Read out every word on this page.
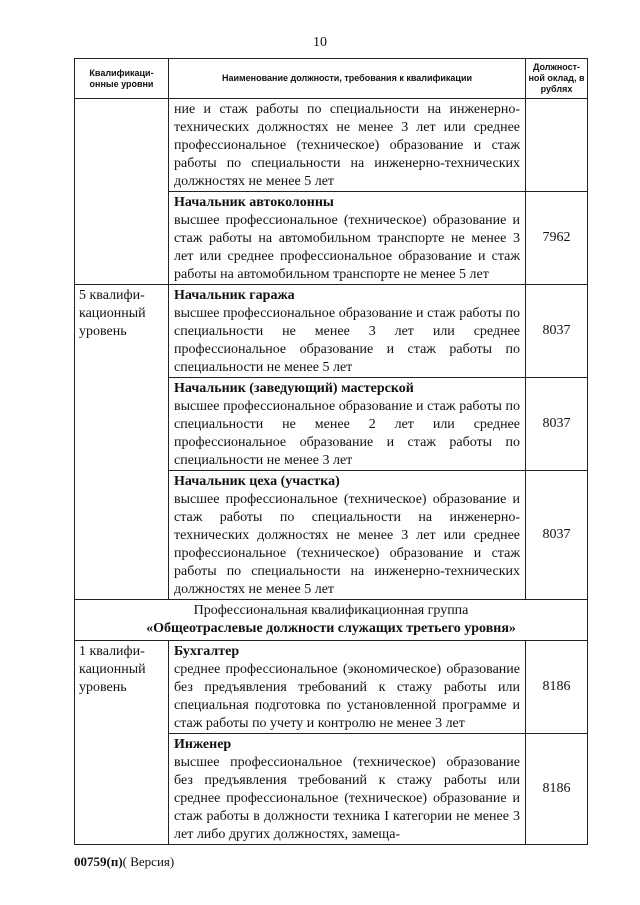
10
Квалификаци-онные уровни	Наименование должности, требования к квалификации	Должност-ной оклад, в рублях

	ние и стаж работы по специальности на инженерно-технических должностях не менее 3 лет или среднее профессиональное (техническое) образование и стаж работы по специальности на инженерно-технических должностях не менее 5 лет	

	Начальник автоколонны
высшее профессиональное (техническое) образование и стаж работы на автомобильном транспорте не менее 3 лет или среднее профессиональное образование и стаж работы на автомобильном транспорте не менее 5 лет	7962
5 квалифи-кационный уровень	Начальник гаража
высшее профессиональное образование и стаж работы по специальности не менее 3 лет или среднее профессиональное образование и стаж работы по специальности не менее 5 лет	8037

	Начальник (заведующий) мастерской
высшее профессиональное образование и стаж работы по специальности не менее 2 лет или среднее профессиональное образование и стаж работы по специальности не менее 3 лет	8037

	Начальник цеха (участка)
высшее профессиональное (техническое) образование и стаж работы по специальности на инженерно-технических должностях не менее 3 лет или среднее профессиональное (техническое) образование и стаж работы по специальности на инженерно-технических должностях не менее 5 лет	8037
Профессиональная квалификационная группа
«Общеотраслевые должности служащих третьего уровня»		

1 квалифи-кационный уровень	Бухгалтер
среднее профессиональное (экономическое) образование без предъявления требований к стажу работы или специальная подготовка по установленной программе и стаж работы по учету и контролю не менее 3 лет	8186

	Инженер
высшее профессиональное (техническое) образование без предъявления требований к стажу работы или среднее профессиональное (техническое) образование и стаж работы в должности техника I категории не менее 3 лет либо других должностях, замеща-	8186
00759(п)( Версия)
